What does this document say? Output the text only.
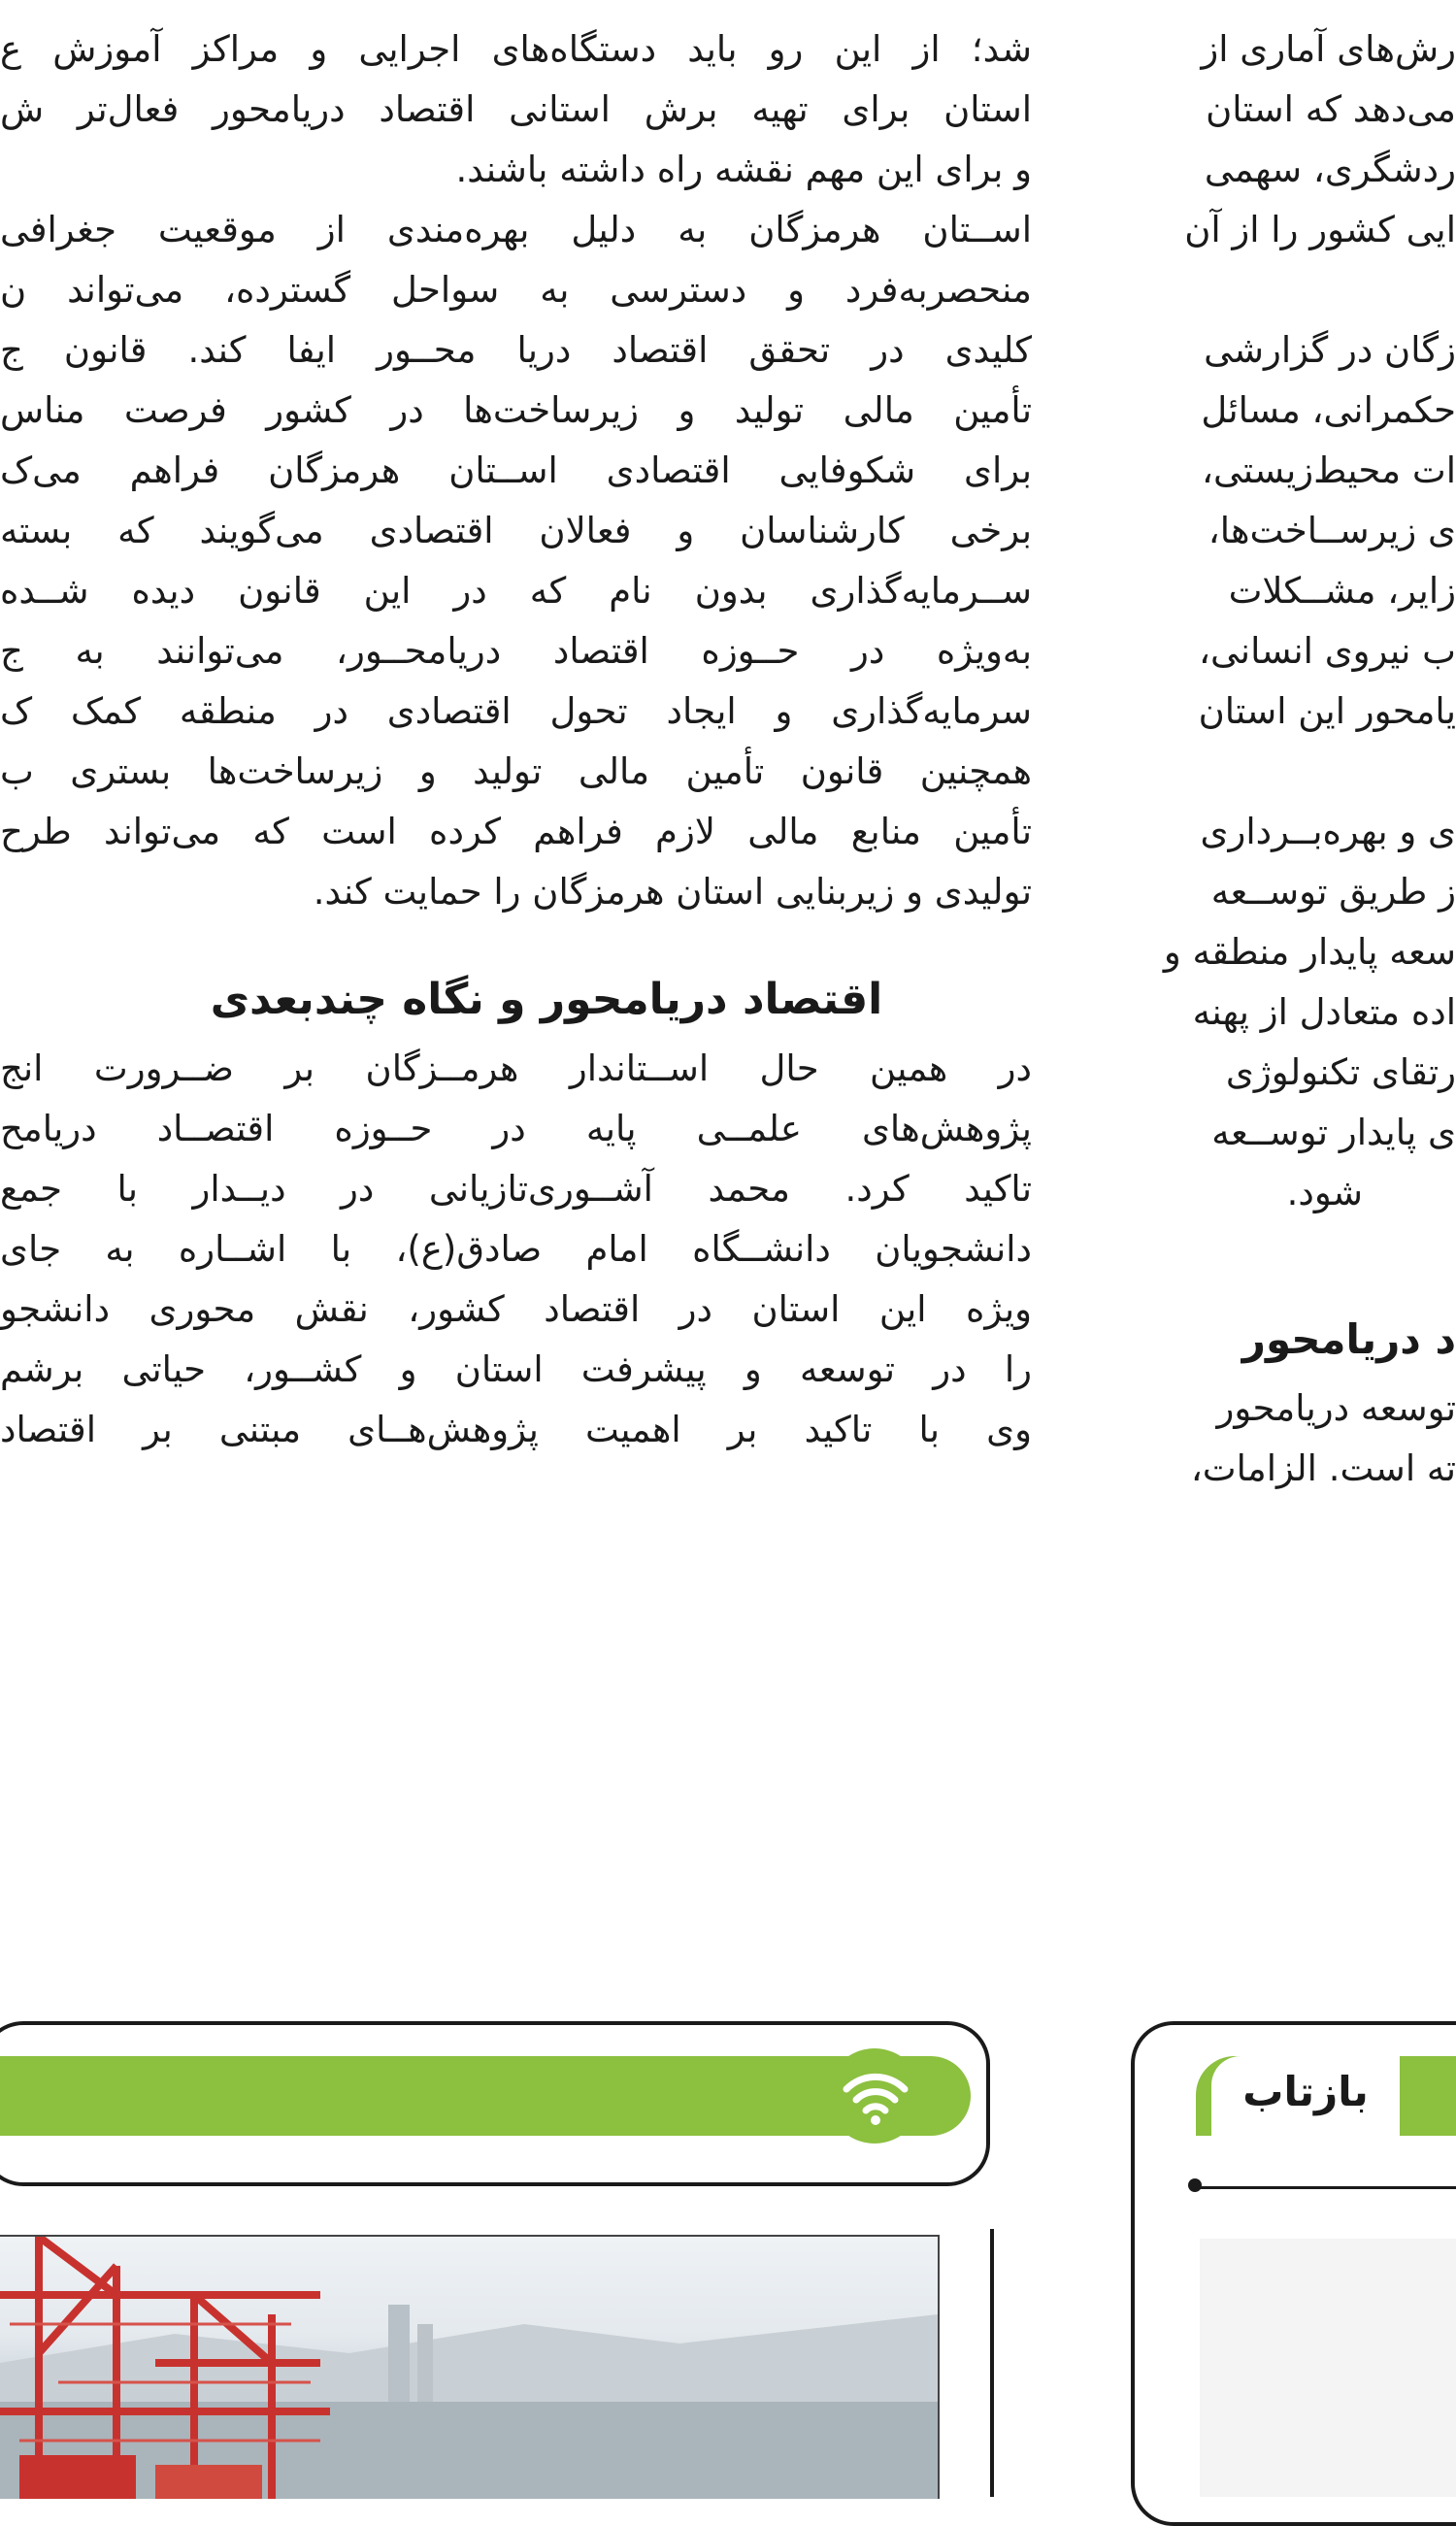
شد؛ از این رو باید دستگاه‌های اجرایی و مراکز آموزش ع
استان برای تهیه برش استانی اقتصاد دریامحور فعال‌تر ش
و برای این مهم نقشه راه داشته باشند.
اســتان هرمزگان به دلیل بهره‌مندی از موقعیت جغرافی
منحصربه‌فرد و دسترسی به سواحل گسترده، می‌تواند ن
کلیدی در تحقق اقتصاد دریا محــور ایفا کند. قانون ج
تأمین مالی تولید و زیرساخت‌ها در کشور فرصت مناس
برای شکوفایی اقتصادی اســتان هرمزگان فراهم می‌ک
برخی کارشناسان و فعالان اقتصادی می‌گویند که بسته‌
ســرمایه‌گذاری بدون نام که در این قانون دیده شــده
به‌ویژه در حــوزه اقتصاد دریامحــور، می‌توانند به ج
سرمایه‌گذاری و ایجاد تحول اقتصادی در منطقه کمک ک
همچنین قانون تأمین مالی تولید و زیرساخت‌ها بستری ب
تأمین منابع مالی لازم فراهم کرده است که می‌تواند طرح
تولیدی و زیربنایی استان هرمزگان را حمایت کند.
اقتصاد دریامحور و نگاه چندبعدی
در همین حال اســتاندار هرمــزگان بر ضــرورت انج
پژوهش‌های علمــی پایه در حــوزه اقتصــاد دریامح
تاکید کرد. محمد آشــوری‌تازیانی در دیــدار با جمع
دانشجویان دانشــگاه امام صادق(ع)، با اشــاره به جای
ویژه این استان در اقتصاد کشور، نقش محوری دانشجو
را در توسعه و پیشرفت استان و کشــور، حیاتی برشم
وی با تاکید بر اهمیت پژوهش‌هــای مبتنی بر اقتصاد
رش‌های آماری از
می‌دهد که استان
ردشگری، سهمی
ایی کشور را از آن
زگان در گزارشی
حکمرانی، مسائل
ات محیط‌زیستی،
ی زیرســاخت‌ها،
زایر، مشــکلات
ب نیروی انسانی،
یامحور این استان
ی و بهره‌بــرداری
ز طریق توســعه
سعه پایدار منطقه و
اده متعادل از پهنه
رتقای تکنولوژی
ی پایدار توســعه
شود.
د دریامحور
توسعه دریامحور
ته است. الزامات،
بازتاب
